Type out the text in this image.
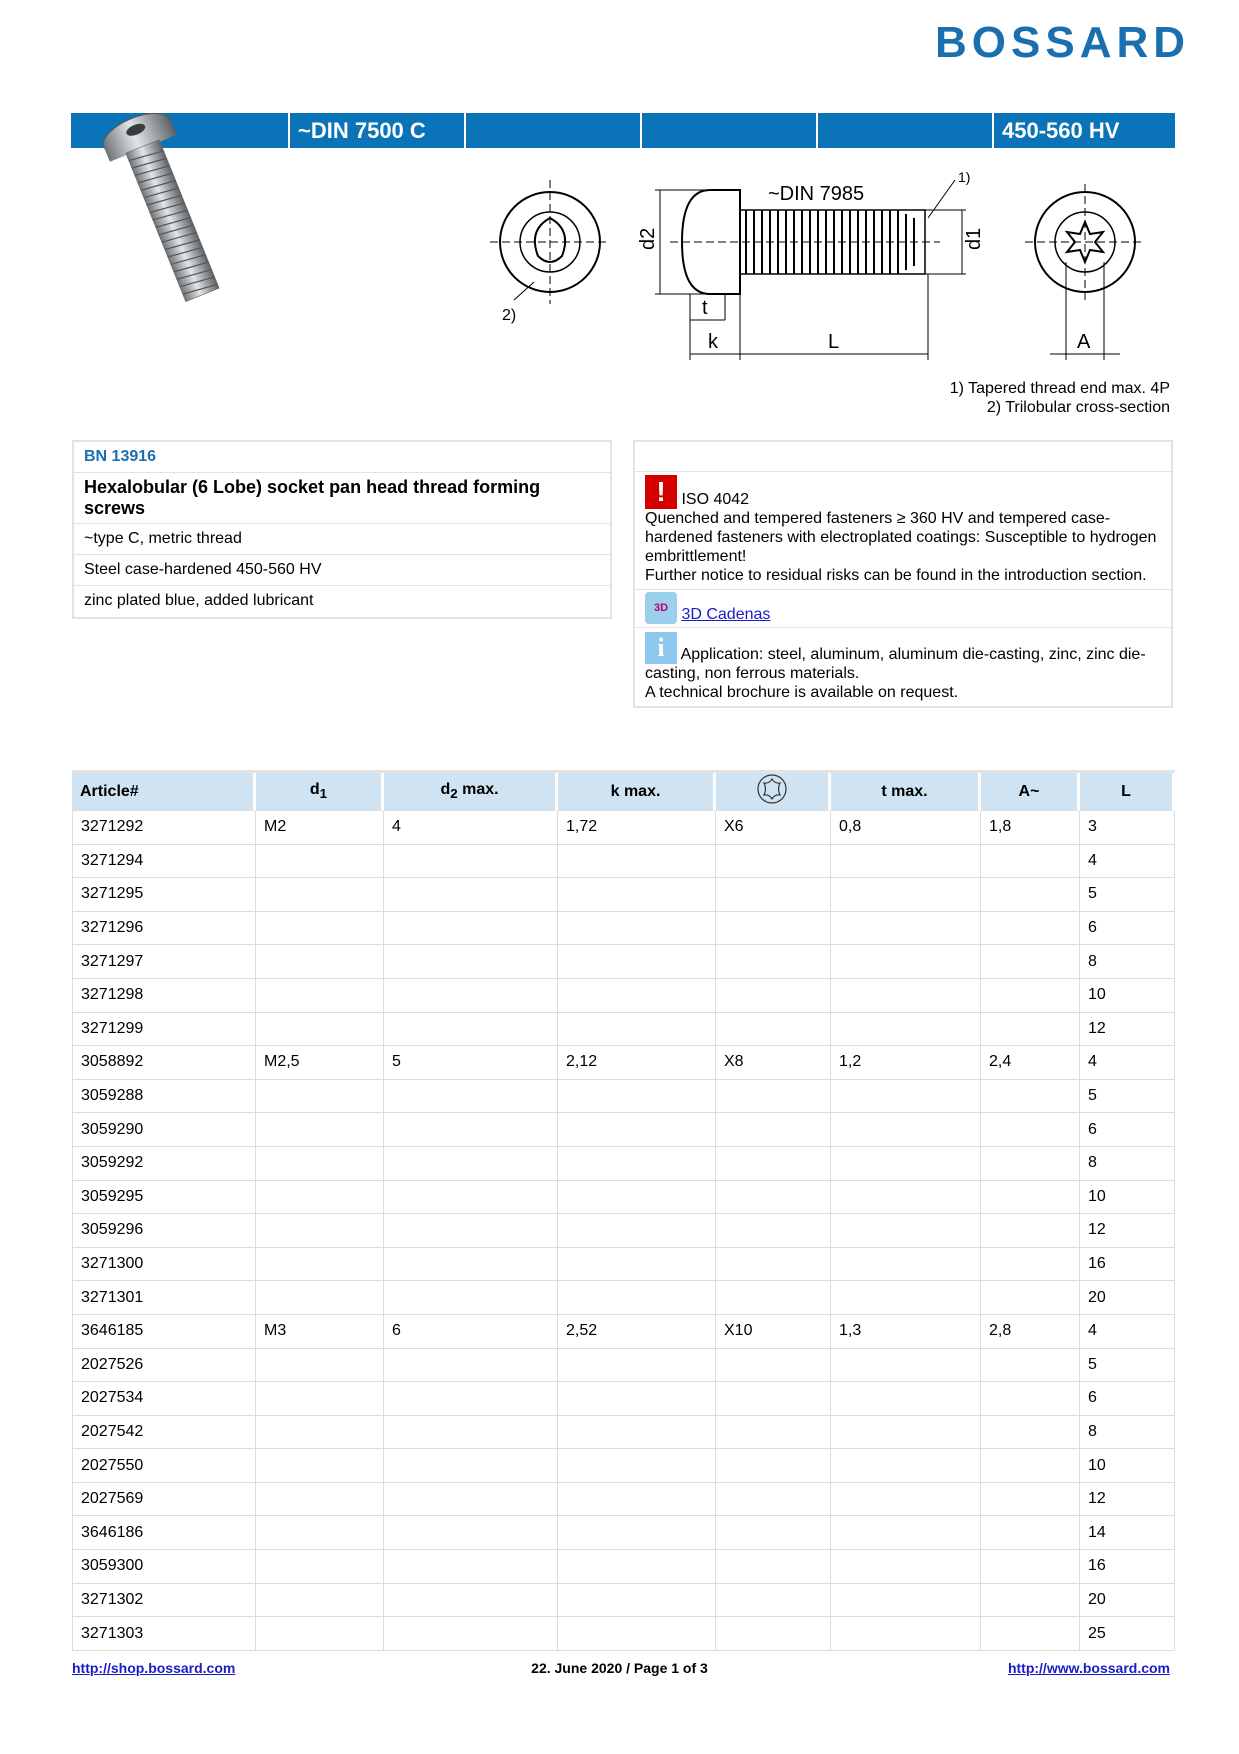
BOSSARD
~DIN 7500 C	450-560 HV
2)
~DIN 7985
1)
d2	d1
t
k	L	A
1) Tapered thread end max. 4P
2) Trilobular cross-section
BN 13916
Hexalobular (6 Lobe) socket pan head thread forming screws
~type C, metric thread
Steel case-hardened 450-560 HV
zinc plated blue, added lubricant
! ISO 4042
Quenched and tempered fasteners ≥ 360 HV and tempered case-hardened fasteners with electroplated coatings: Susceptible to hydrogen embrittlement!
Further notice to residual risks can be found in the introduction section.
3D 3D Cadenas
i Application: steel, aluminum, aluminum die-casting, zinc, zinc die-casting, non ferrous materials.
A technical brochure is available on request.
Article#	$d_1$	$d_2$ max.	k max.		t max.	A~	L
3271292	M2	4	1,72	X6	0,8	1,8	3
3271294							4
3271295							5
3271296							6
3271297							8
3271298							10
3271299							12
3058892	M2,5	5	2,12	X8	1,2	2,4	4
3059288							5
3059290							6
3059292							8
3059295							10
3059296							12
3271300							16
3271301							20
3646185	M3	6	2,52	X10	1,3	2,8	4
2027526							5
2027534							6
2027542							8
2027550							10
2027569							12
3646186							14
3059300							16
3271302							20
3271303							25
http://shop.bossard.com	22. June 2020 / Page 1 of 3	http://www.bossard.com
